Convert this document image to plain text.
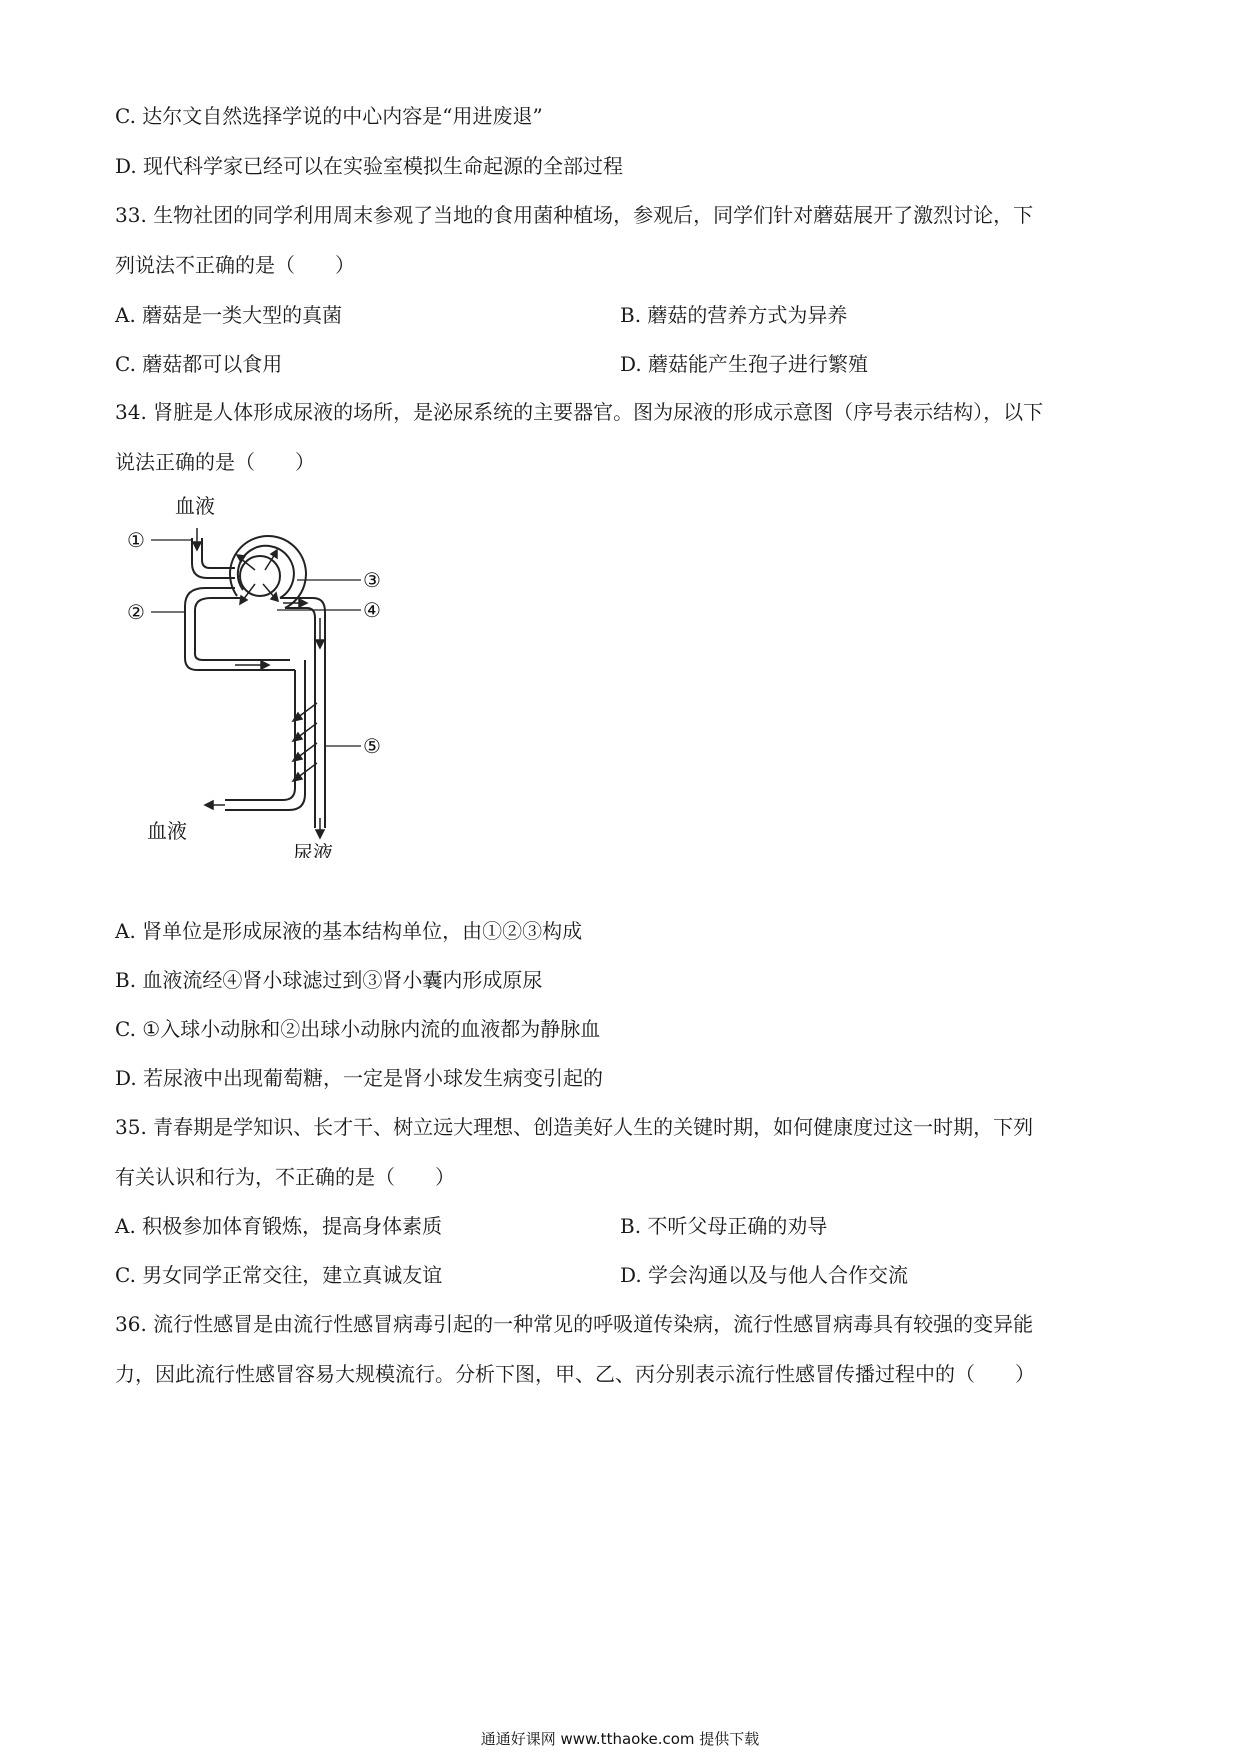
C. 达尔文自然选择学说的中心内容是“用进废退”
D. 现代科学家已经可以在实验室模拟生命起源的全部过程
33. 生物社团的同学利用周末参观了当地的食用菌种植场，参观后，同学们针对蘑菇展开了激烈讨论，下
列说法不正确的是（　　）
A. 蘑菇是一类大型的真菌	B. 蘑菇的营养方式为异养
C. 蘑菇都可以食用	D. 蘑菇能产生孢子进行繁殖
34. 肾脏是人体形成尿液的场所，是泌尿系统的主要器官。图为尿液的形成示意图（序号表示结构），以下
说法正确的是（　　）
血液
血液
尿液
①
②
③
④
⑤
A. 肾单位是形成尿液的基本结构单位，由①②③构成
B. 血液流经④肾小球滤过到③肾小囊内形成原尿
C. ①入球小动脉和②出球小动脉内流的血液都为静脉血
D. 若尿液中出现葡萄糖，一定是肾小球发生病变引起的
35. 青春期是学知识、长才干、树立远大理想、创造美好人生的关键时期，如何健康度过这一时期，下列
有关认识和行为，不正确的是（　　）
A. 积极参加体育锻炼，提高身体素质	B. 不听父母正确的劝导
C. 男女同学正常交往，建立真诚友谊	D. 学会沟通以及与他人合作交流
36. 流行性感冒是由流行性感冒病毒引起的一种常见的呼吸道传染病，流行性感冒病毒具有较强的变异能
力，因此流行性感冒容易大规模流行。分析下图，甲、乙、丙分别表示流行性感冒传播过程中的（　　）
通通好课网 www.tthaoke.com 提供下载
